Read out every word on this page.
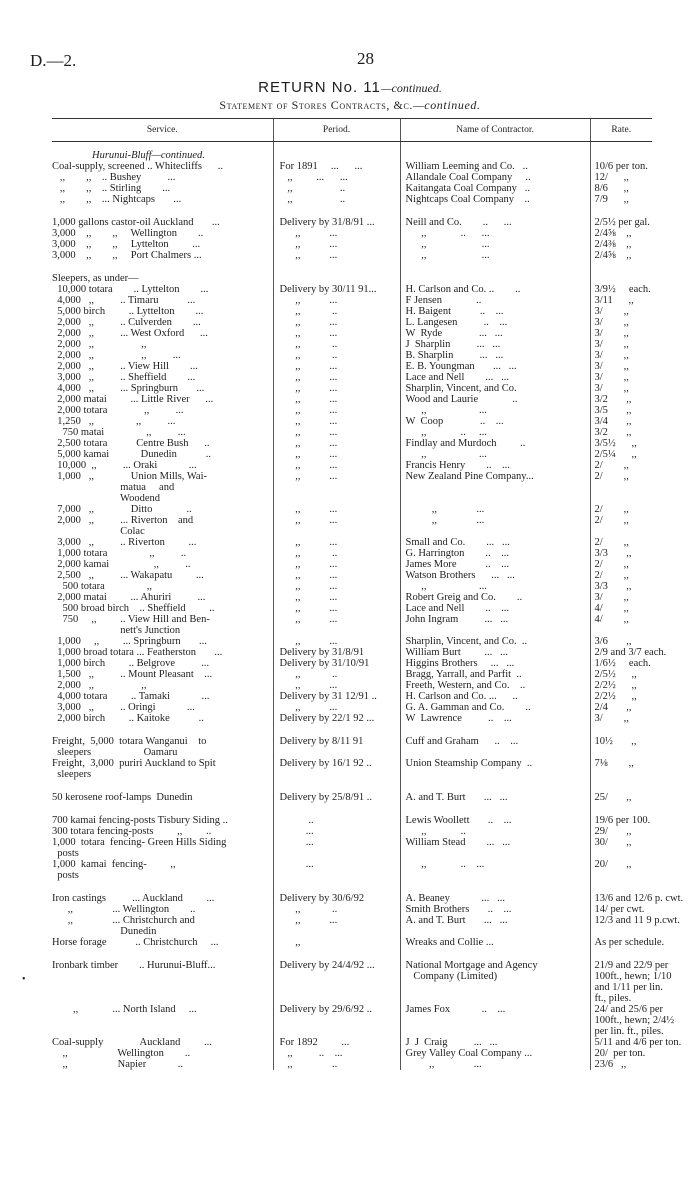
D.—2.	28
RETURN No. 11—continued.
Statement of Stores Contracts, &c.—continued.
Service.	Period.	Name of Contractor.	Rate.

Hurunui-Bluff—continued.			
Coal-supply, screened .. Whitecliffs      ..	For 1891     ...      ...	William Leeming and Co.   ..	10/6 per ton.
,,        ,,    .. Bushey          ...	,,         ...      ...	Allandale Coal Company     ..	12/      ,,
,,        ,,    .. Stirling        ...	,,                  ..	Kaitangata Coal Company   ..	8/6      ,,
,,        ,,    ... Nightcaps       ...	,,                  ..	Nightcaps Coal Company    ..	7/9      ,,

1,000 gallons castor-oil Auckland       ...	Delivery by 31/8/91 ...	Neill and Co.        ..      ...	2/5½ per gal.
3,000    ,,        ,,     Wellington        ..	,,           ...	,,             ..      ...	2/4⅝    ,,
3,000    ,,        ,,     Lyttelton         ...	,,           ...	,,                     ...	2/4⅜    ,,
3,000    ,,        ,,     Port Chalmers ...	,,           ...	,,                     ...	2/4⅝    ,,

Sleepers, as under—			
10,000 totara        .. Lyttelton        ...	Delivery by 30/11 91...	H. Carlson and Co. ..        ..	3/9½     each.
4,000   ,,          .. Timaru           ...	,,           ...	F Jensen             ..	3/11      ,,
5,000 birch         .. Lyttelton        ...	,,            ..	H. Baigent           ..    ...	3/        ,,
2,000   ,,          .. Culverden        ...	,,           ...	L. Langesen          ..    ...	3/        ,,
2,000   ,,          ... West Oxford      ...	,,           ...	W  Ryde              ...   ...	3/        ,,
2,000   ,,                  ,,	,,            ..	J  Sharplin          ...   ...	3/        ,,
2,000   ,,                  ,,          ...	,,            ..	B. Sharplin          ...   ...	3/        ,,
2,000   ,,          .. View Hill        ...	,,           ...	E. B. Youngman       ...   ...	3/        ,,
3,000   ,,          .. Sheffield        ...	,,           ...	Lace and Nell        ...   ...	3/        ,,
4,000   ,,          ... Springburn       ...	,,           ...	Sharplin, Vincent, and Co.	3/        ,,
2,000 matai         ... Little River      ...	,,           ...	Wood and Laurie             ..	3/2       ,,
2,000 totara              ,,          ...	,,           ...	,,                    ...	3/5       ,,
1,250   ,,                ,,          ...	,,           ...	W  Coop              ..    ...	3/4       ,,
750 matai                ,,          ...	,,           ...	,,             ..     ...	3/2       ,,
2,500 totara           Centre Bush      ..	,,           ...	Findlay and Murdoch         ..	3/5½      ,,
5,000 kamai            Dunedin           ..	,,           ...	,,                    ...	2/5¼      ,,
10,000  ,,          ... Oraki            ...	,,           ...	Francis Henry        ..    ...	2/        ,,
1,000   ,,              Union Mills, Wai-	,,           ...	New Zealand Pine Company...	2/        ,,
matua     and			
Woodend			
7,000   ,,              Ditto             ..	,,           ...	,,               ...	2/        ,,
2,000   ,,          ... Riverton    and	,,           ...	,,               ...	2/        ,,
Colac			
3,000   ,,          .. Riverton         ...	,,           ...	Small and Co.        ...   ...	2/        ,,
1,000 totara                ,,          ..	,,            ..	G. Harrington        ..    ...	3/3       ,,
2,000 kamai                 ,,          ..	,,           ...	James More           ..    ...	2/        ,,
2,500   ,,          ... Wakapatu         ...	,,           ...	Watson Brothers      ...   ...	2/        ,,
500 totara                ,,	,,           ...	,,                    ...	3/3       ,,
2,000 matai         ... Ahuriri          ...	,,           ...	Robert Greig and Co.        ..	3/        ,,
500 broad birch    .. Sheffield         ..	,,           ...	Lace and Nell        ..    ...	4/        ,,
750     ,,         .. View Hill and Ben-	,,           ...	John Ingram          ...   ...	4/        ,,
nett's Junction			
1,000     ,,         ... Springburn       ...	,,           ...	Sharplin, Vincent, and Co.  ..	3/6       ,,
1,000 broad totara ... Featherston       ...	Delivery by 31/8/91	William Burt         ...   ...	2/9 and 3/7 each.
1,000 birch         .. Belgrove          ...	Delivery by 31/10/91	Higgins Brothers     ...   ...	1/6½     each.
1,500   ,,          .. Mount Pleasant    ...	,,            ..	Bragg, Yarrall, and Parfit  ..	2/5½      ,,
2,000   ,,                  ,,	,,           ...	Freeth, Western, and Co.    ..	2/2½      ,,
4,000 totara         .. Tamaki            ...	Delivery by 31 12/91 ..	H. Carlson and Co. ...      ..	2/2½      ,,
3,000   ,,          .. Oringi            ...	,,           ...	G. A. Gamman and Co.        ..	2/4       ,,
2,000 birch         .. Kaitoke           ..	Delivery by 22/1 92 ...	W  Lawrence          ..    ...	3/        ,,

Freight,  5,000  totara Wanganui    to	Delivery by 8/11 91	Cuff and Graham      ..    ...	10½       ,,
sleepers                    Oamaru			
Freight,  3,000  puriri Auckland to Spit	Delivery by 16/1 92 ..	Union Steamship Company  ..	7⅛        ,,
sleepers			

50 kerosene roof-lamps  Dunedin	Delivery by 25/8/91 ..	A. and T. Burt       ...   ...	25/       ,,

700 kamai fencing-posts Tisbury Siding ..	..	Lewis Woollett       ..    ...	19/6 per 100.
300 totara fencing-posts         ,,         ..	...	,,             ..	29/       ,,
1,000  totara  fencing- Green Hills Siding	...	William Stead        ...   ...	30/       ,,
posts			
1,000  kamai  fencing-         ,,	...	,,             ..    ...	20/       ,,
posts			

Iron castings          ... Auckland         ...	Delivery by 30/6/92	A. Beaney            ...   ...	13/6 and 12/6 p. cwt.
,,               ... Wellington        ..	,,            ..	Smith Brothers       ..    ...	14/ per cwt.
,,               ... Christchurch and	,,           ...	A. and T. Burt       ...   ...	12/3 and 11 9 p.cwt.
Dunedin			
Horse forage           .. Christchurch     ...	,,	Wreaks and Collie ...	As per schedule.

Ironbark timber        .. Hurunui-Bluff...	Delivery by 24/4/92 ...	National Mortgage and Agency	21/9 and 22/9 per
		Company (Limited)	100ft., hewn; 1/10
			and 1/11 per lin.
			ft., piles.
,,             ... North Island     ...	Delivery by 29/6/92 ..	James Fox            ..    ...	24/ and 25/6 per
			100ft., hewn; 2/4½
			per lin. ft., piles.
Coal-supply              Auckland         ...	For 1892         ...	J  J  Craig          ...   ...	5/11 and 4/6 per ton.
,,                   Wellington        ..	,,          ..    ...	Grey Valley Coal Company ...	20/  per ton.
,,                   Napier            ..	,,               ..	,,               ...	23/6   ,,
•
